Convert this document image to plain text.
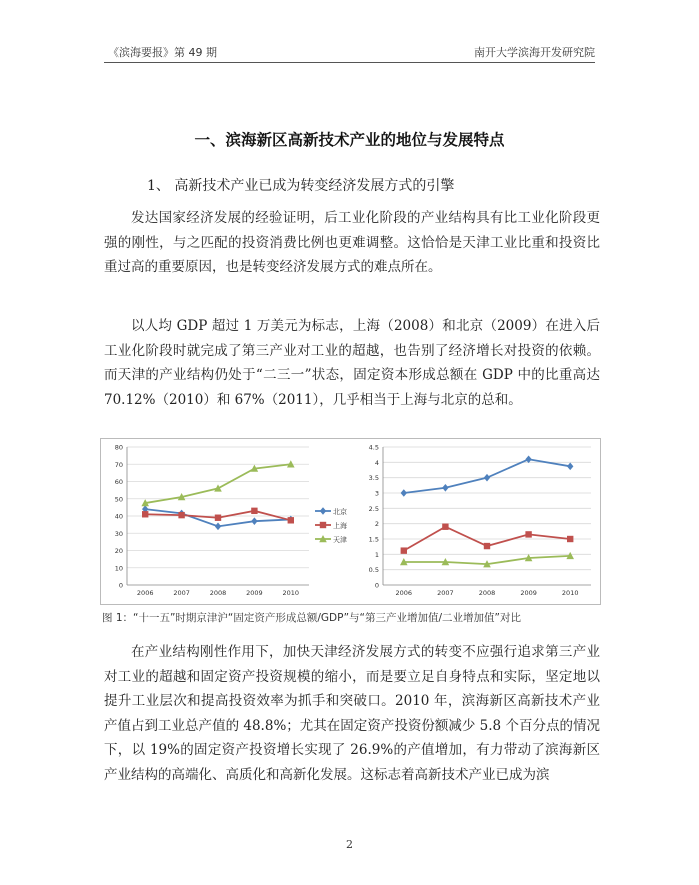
《滨海要报》第 49 期	南开大学滨海开发研究院
一、滨海新区高新技术产业的地位与发展特点
1、 高新技术产业已成为转变经济发展方式的引擎
发达国家经济发展的经验证明，后工业化阶段的产业结构具有比工业化阶段更强的刚性，与之匹配的投资消费比例也更难调整。这恰恰是天津工业比重和投资比重过高的重要原因，也是转变经济发展方式的难点所在。
以人均 GDP 超过 1 万美元为标志，上海（2008）和北京（2009）在进入后工业化阶段时就完成了第三产业对工业的超越，也告别了经济增长对投资的依赖。而天津的产业结构仍处于“二三一”状态，固定资本形成总额在 GDP 中的比重高达 70.12%（2010）和 67%（2011），几乎相当于上海与北京的总和。
0
10
20
30
40
50
60
70
80
2006	2007	2008	2009	2010
北京
上海
天津
0
0.5
1
1.5
2
2.5
3
3.5
4
4.5
2006	2007	2008	2009	2010
图 1：“十一五”时期京津沪“固定资产形成总额/GDP”与“第三产业增加值/二业增加值”对比
在产业结构刚性作用下，加快天津经济发展方式的转变不应强行追求第三产业对工业的超越和固定资产投资规模的缩小，而是要立足自身特点和实际，坚定地以提升工业层次和提高投资效率为抓手和突破口。2010 年，滨海新区高新技术产业产值占到工业总产值的 48.8%；尤其在固定资产投资份额减少 5.8 个百分点的情况下，以 19%的固定资产投资增长实现了 26.9%的产值增加，有力带动了滨海新区产业结构的高端化、高质化和高新化发展。这标志着高新技术产业已成为滨
2
